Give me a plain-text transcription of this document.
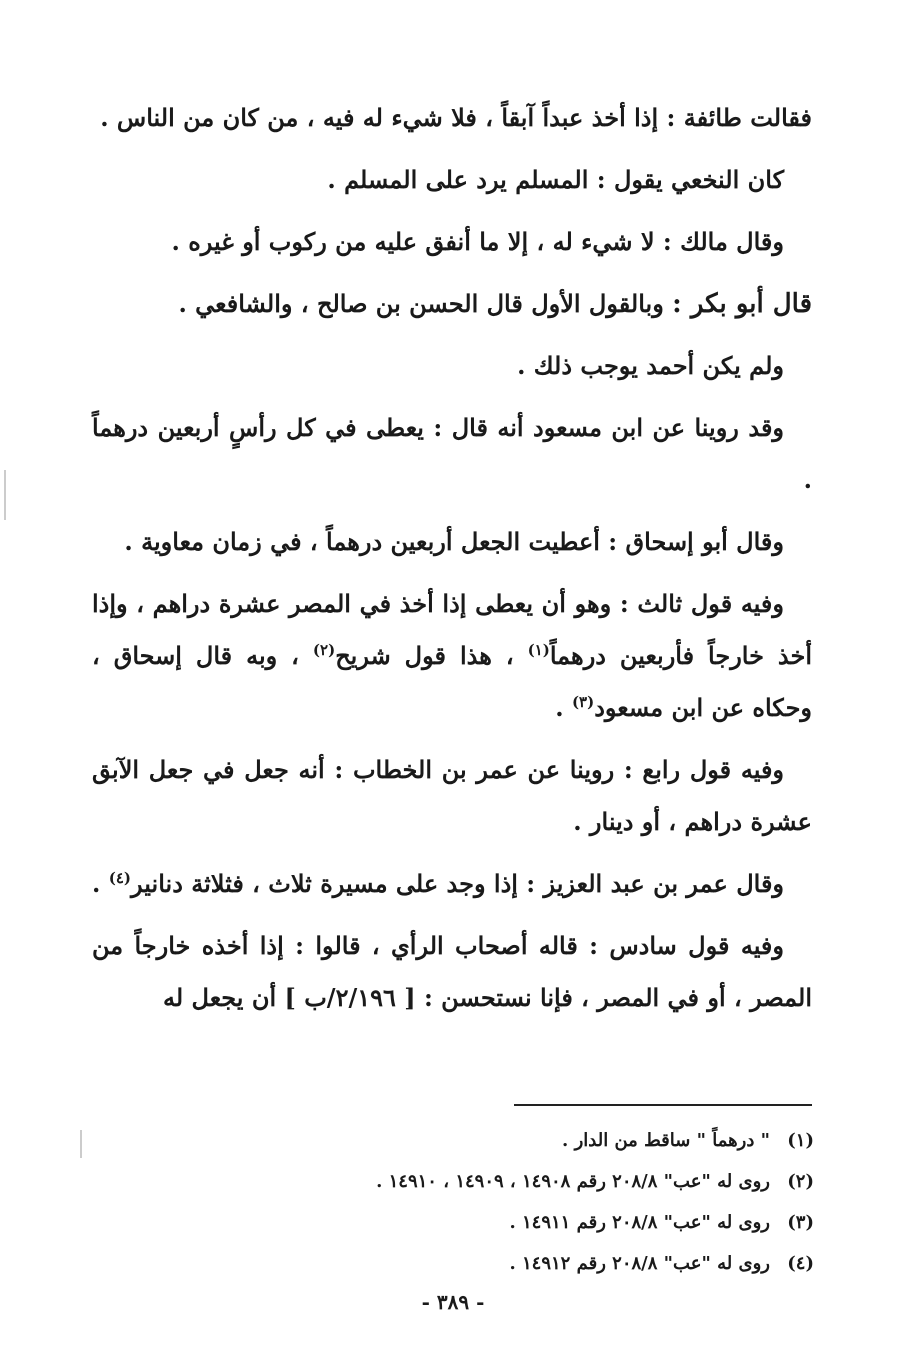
فقالت طائفة : إذا أخذ عبداً آبقاً ، فلا شيء له فيه ، من كان من الناس .

كان النخعي يقول : المسلم يرد على المسلم .

وقال مالك : لا شيء له ، إلا ما أنفق عليه من ركوب أو غيره .

قال أبو بكر : وبالقول الأول قال الحسن بن صالح ، والشافعي .

ولم يكن أحمد يوجب ذلك .

وقد روينا عن ابن مسعود أنه قال : يعطى في كل رأسٍ أربعين درهماً .

وقال أبو إسحاق : أعطيت الجعل أربعين درهماً ، في زمان معاوية .

وفيه قول ثالث : وهو أن يعطى إذا أخذ في المصر عشرة دراهم ، وإذا أخذ خارجاً فأربعين درهماً$^{(١)}$ ، هذا قول شريح$^{(٢)}$ ، وبه قال إسحاق ، وحكاه عن ابن مسعود$^{(٣)}$ .

وفيه قول رابع : روينا عن عمر بن الخطاب : أنه جعل في جعل الآبق عشرة دراهم ، أو دينار .

وقال عمر بن عبد العزيز : إذا وجد على مسيرة ثلاث ، فثلاثة دنانير$^{(٤)}$ .

وفيه قول سادس : قاله أصحاب الرأي ، قالوا : إذا أخذه خارجاً من المصر ، أو في المصر ، فإنا نستحسن : [ ٢/١٩٦/ب ] أن يجعل له

(١)" درهماً " ساقط من الدار .
(٢)روى له "عب" ٢٠٨/٨ رقم ١٤٩٠٨ ، ١٤٩٠٩ ، ١٤٩١٠ .
(٣)روى له "عب" ٢٠٨/٨ رقم ١٤٩١١ .
(٤)روى له "عب" ٢٠٨/٨ رقم ١٤٩١٢ .
- ٣٨٩ -
